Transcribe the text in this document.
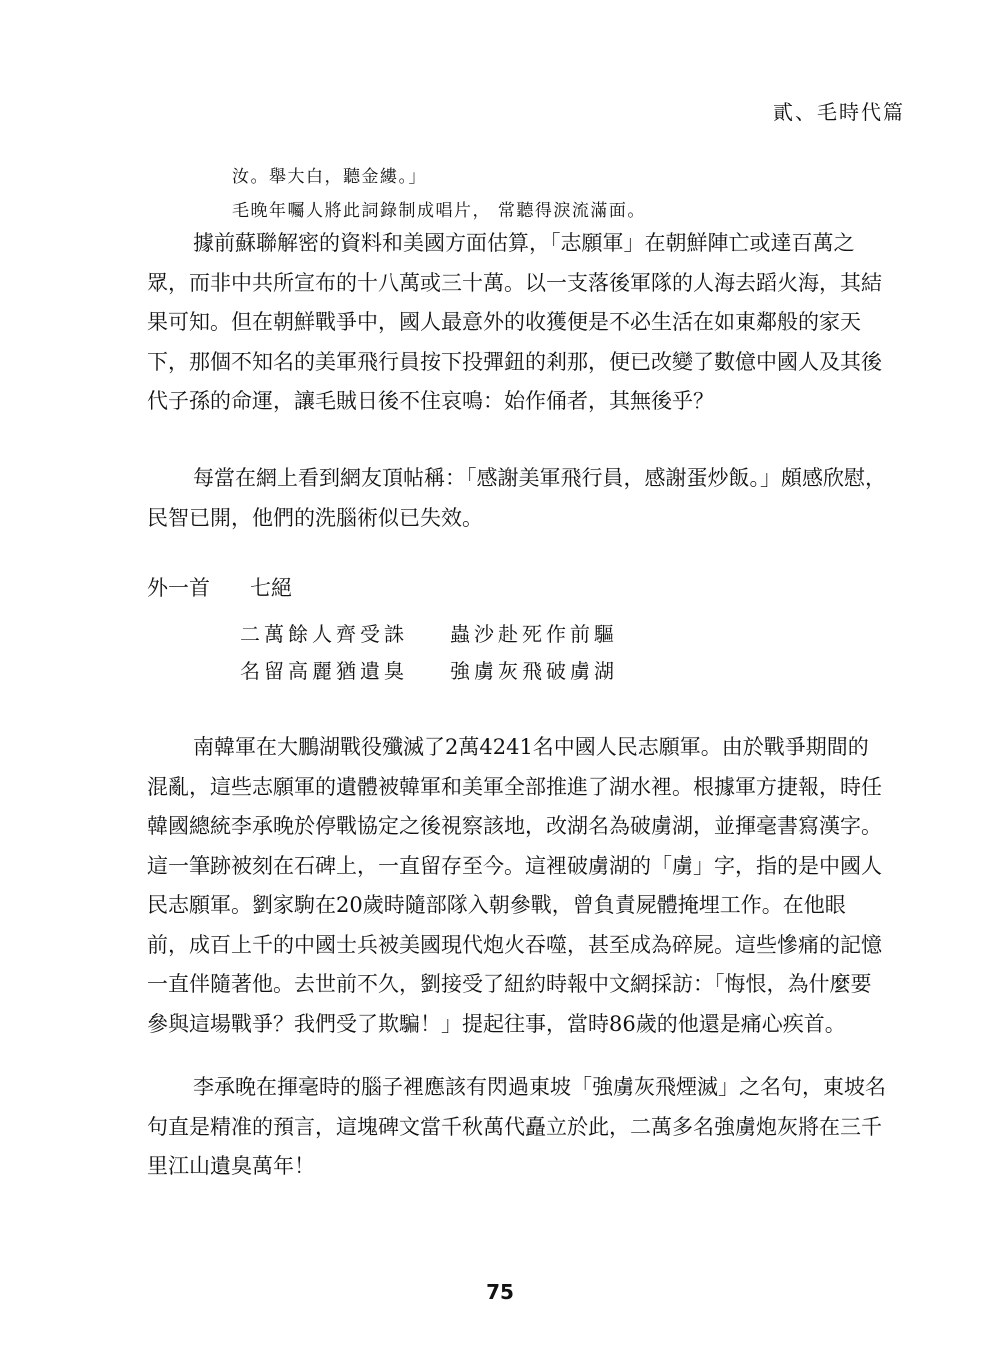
貳、毛時代篇
汝。舉大白，聽金縷。」
毛晚年囑人將此詞錄制成唱片， 常聽得淚流滿面。

據前蘇聯解密的資料和美國方面估算，「志願軍」在朝鮮陣亡或達百萬之眾，而非中共所宣布的十八萬或三十萬。以一支落後軍隊的人海去蹈火海，其結果可知。但在朝鮮戰爭中，國人最意外的收獲便是不必生活在如東鄰般的家天下，那個不知名的美軍飛行員按下投彈鈕的剎那，便已改變了數億中國人及其後代子孫的命運，讓毛賊日後不住哀鳴：始作俑者，其無後乎？

每當在網上看到網友頂帖稱：「感謝美軍飛行員，感謝蛋炒飯。」頗感欣慰，民智已開，他們的洗腦術似已失效。

外一首 七絕
二萬餘人齊受誅 蟲沙赴死作前驅
名留高麗猶遺臭 強虜灰飛破虜湖

南韓軍在大鵬湖戰役殲滅了2萬4241名中國人民志願軍。由於戰爭期間的混亂，這些志願軍的遺體被韓軍和美軍全部推進了湖水裡。根據軍方捷報，時任韓國總統李承晚於停戰協定之後視察該地，改湖名為破虜湖，並揮毫書寫漢字。這一筆跡被刻在石碑上，一直留存至今。這裡破虜湖的「虜」字，指的是中國人民志願軍。劉家駒在20歲時隨部隊入朝參戰，曾負責屍體掩埋工作。在他眼前，成百上千的中國士兵被美國現代炮火吞噬，甚至成為碎屍。這些慘痛的記憶一直伴隨著他。去世前不久，劉接受了紐約時報中文網採訪：「悔恨，為什麼要參與這場戰爭？我們受了欺騙！」提起往事，當時86歲的他還是痛心疾首。

李承晚在揮毫時的腦子裡應該有閃過東坡「強虜灰飛煙滅」之名句，東坡名句直是精准的預言，這塊碑文當千秋萬代矗立於此，二萬多名強虜炮灰將在三千里江山遺臭萬年！

75
